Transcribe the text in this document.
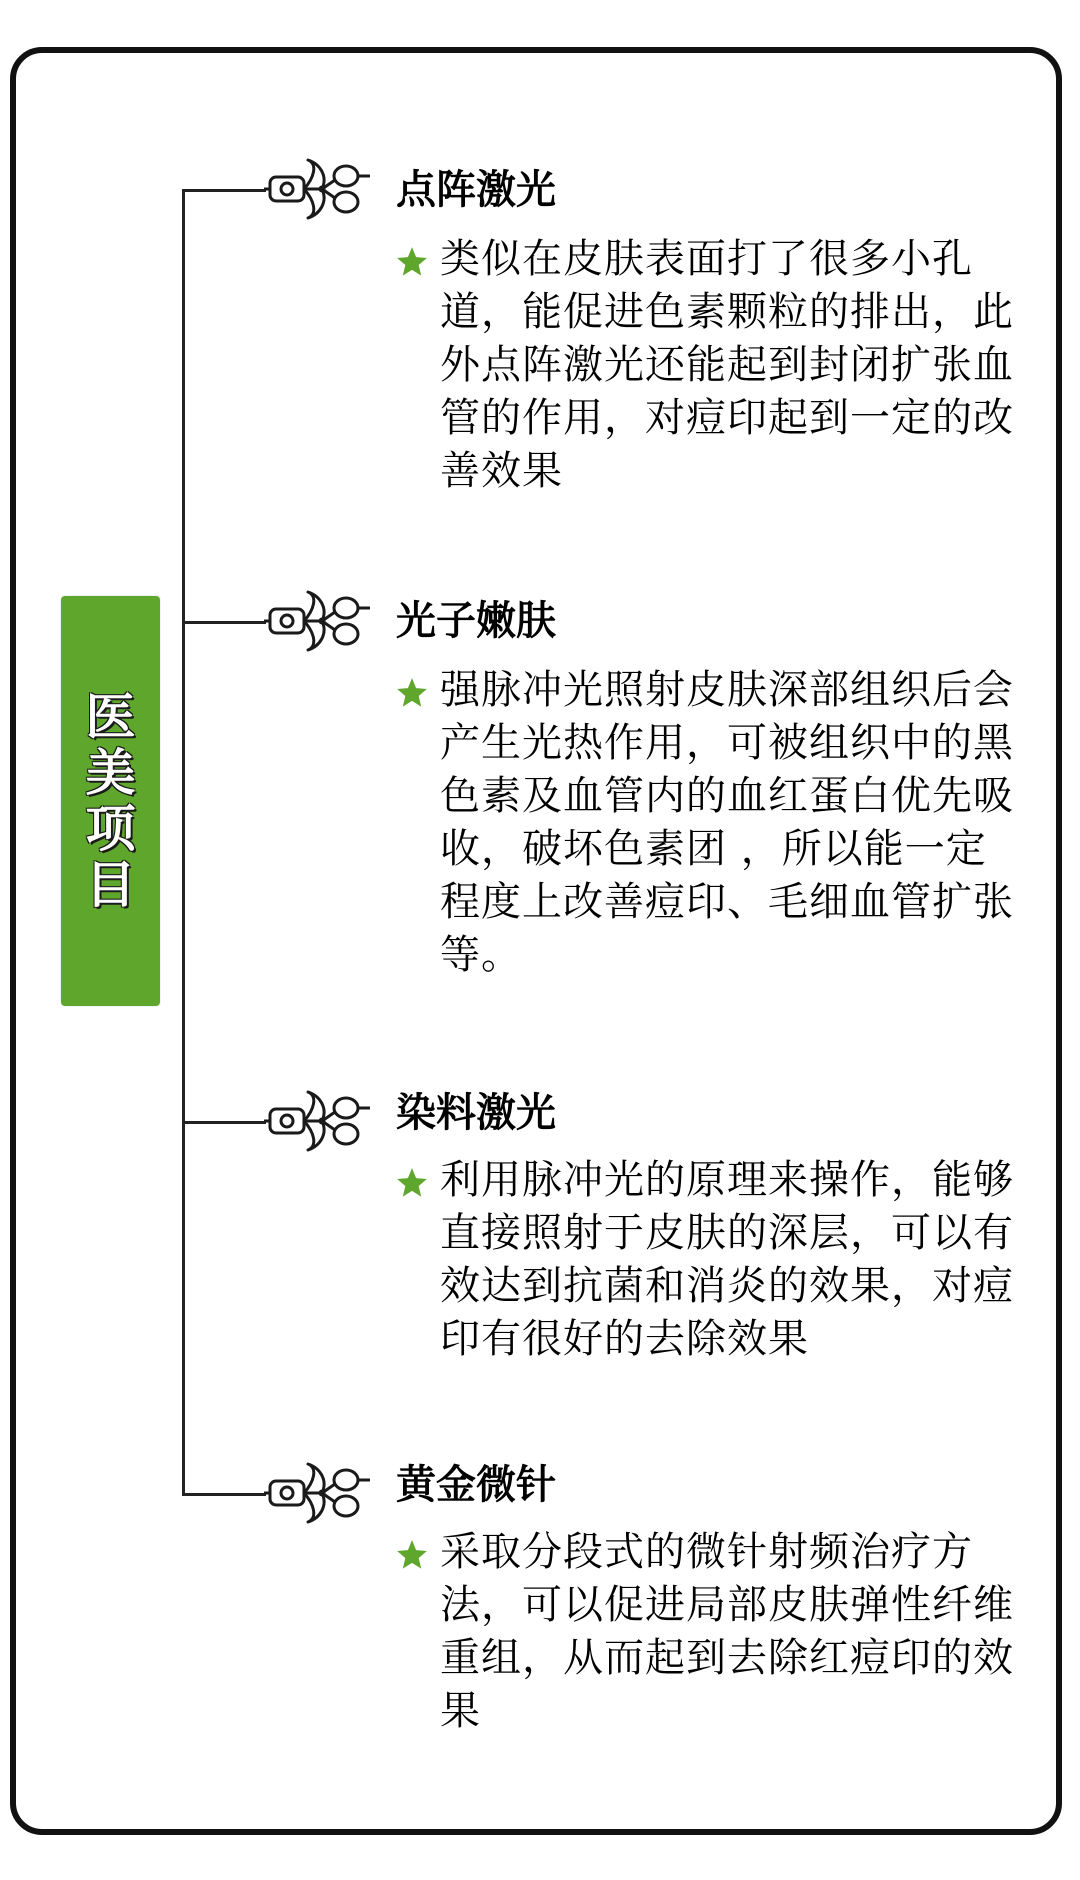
医
美
项
目
点阵激光
类似在皮肤表面打了很多小孔道，能促进色素颗粒的排出，此外点阵激光还能起到封闭扩张血管的作用，对痘印起到一定的改善效果
光子嫩肤
强脉冲光照射皮肤深部组织后会产生光热作用，可被组织中的黑色素及血管内的血红蛋白优先吸收，破坏色素团 ，所以能一定程度上改善痘印、毛细血管扩张等。
染料激光
利用脉冲光的原理来操作，能够直接照射于皮肤的深层，可以有效达到抗菌和消炎的效果，对痘印有很好的去除效果
黄金微针
采取分段式的微针射频治疗方法，可以促进局部皮肤弹性纤维重组，从而起到去除红痘印的效果
